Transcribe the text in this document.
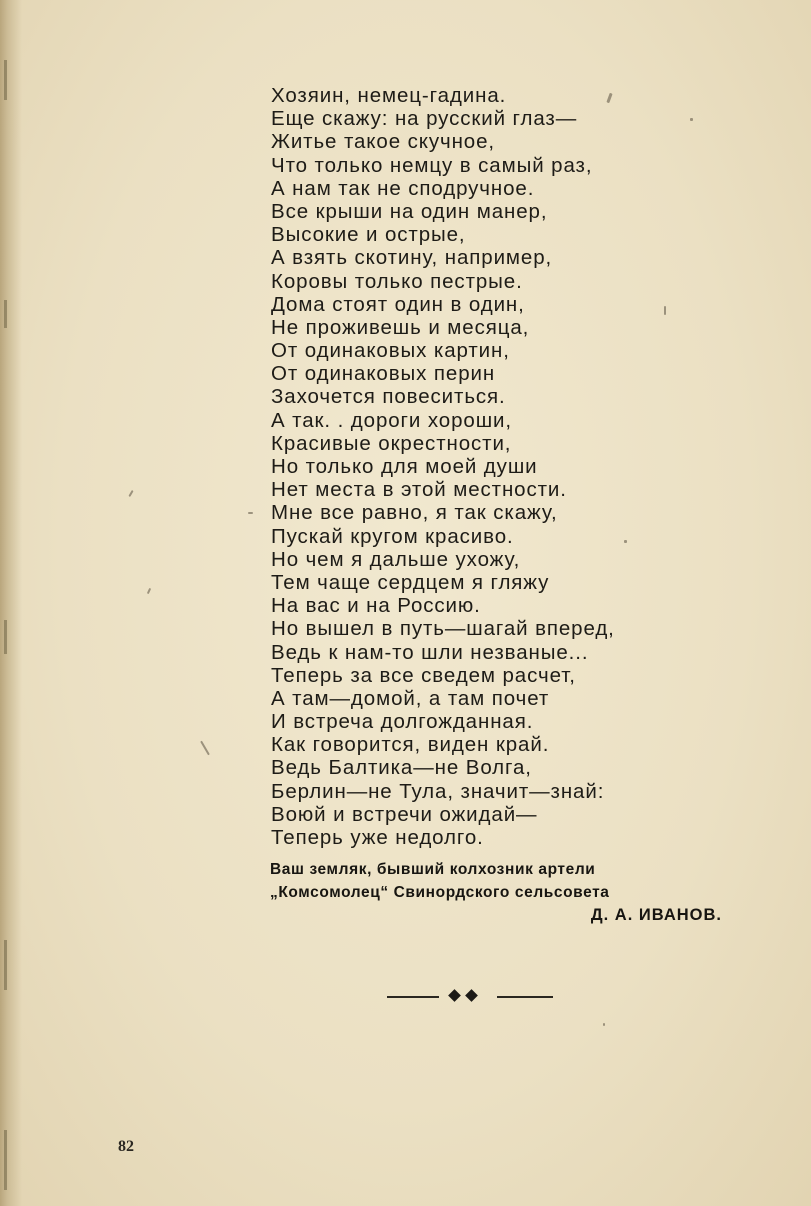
Хозяин, немец-гадина.
Еще скажу: на русский глаз—
Житье такое скучное,
Что только немцу в самый раз,
А нам так не сподручное.
Все крыши на один манер,
Высокие и острые,
А взять скотину, например,
Коровы только пестрые.
Дома стоят один в один,
Не проживешь и месяца,
От одинаковых картин,
От одинаковых перин
Захочется повеситься.
А так. . дороги хороши,
Красивые окрестности,
Но только для моей души
Нет места в этой местности.
Мне все равно, я так скажу,
Пускай кругом красиво.
Но чем я дальше ухожу,
Тем чаще сердцем я гляжу
На вас и на Россию.
Но вышел в путь—шагай вперед,
Ведь к нам-то шли незваные...
Теперь за все сведем расчет,
А там—домой, а там почет
И встреча долгожданная.
Как говорится, виден край.
Ведь Балтика—не Волга,
Берлин—не Тула, значит—знай:
Воюй и встречи ожидай—
Теперь уже недолго.
Ваш земляк, бывший колхозник артели
„Комсомолец“ Свинордского сельсовета
Д. А. ИВАНОВ.
82
